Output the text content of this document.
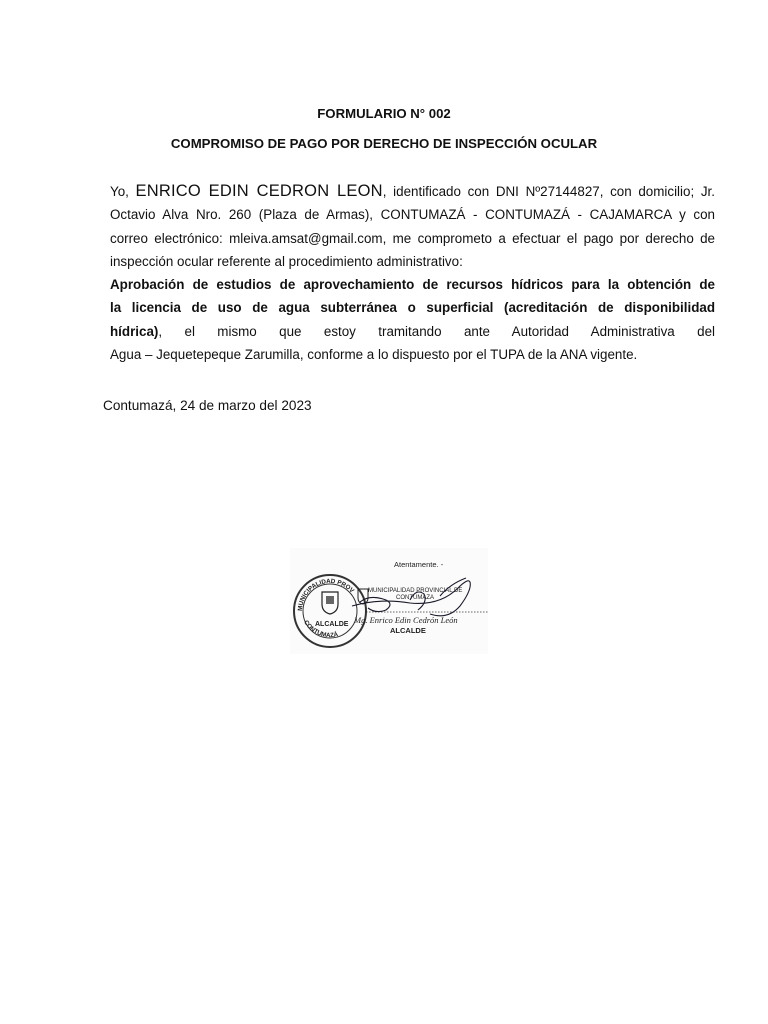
FORMULARIO N° 002
COMPROMISO DE PAGO POR DERECHO DE INSPECCIÓN OCULAR
Yo, ENRICO EDIN CEDRON LEON, identificado con DNI Nº27144827, con domicilio; Jr.
Octavio Alva Nro. 260 (Plaza de Armas), CONTUMAZÁ - CONTUMAZÁ - CAJAMARCA y con
correo electrónico: mleiva.amsat@gmail.com, me comprometo a efectuar el pago por derecho de
inspección ocular referente al procedimiento administrativo:
Aprobación de estudios de aprovechamiento de recursos hídricos para la obtención de
la licencia de uso de agua subterránea o superficial (acreditación de disponibilidad
hídrica), el mismo que estoy tramitando ante Autoridad Administrativa del
Agua – Jequetepeque Zarumilla, conforme a lo dispuesto por el TUPA de la ANA vigente.
Contumazá, 24 de marzo del 2023
Atentamente. -
MUNICIPALIDAD PROV
CONTUMAZÁ
ALCALDE
MUNICIPALIDAD PROVINCIAL DE
CONTUMAZA
Mg. Enrico Edin Cedrón León
ALCALDE
